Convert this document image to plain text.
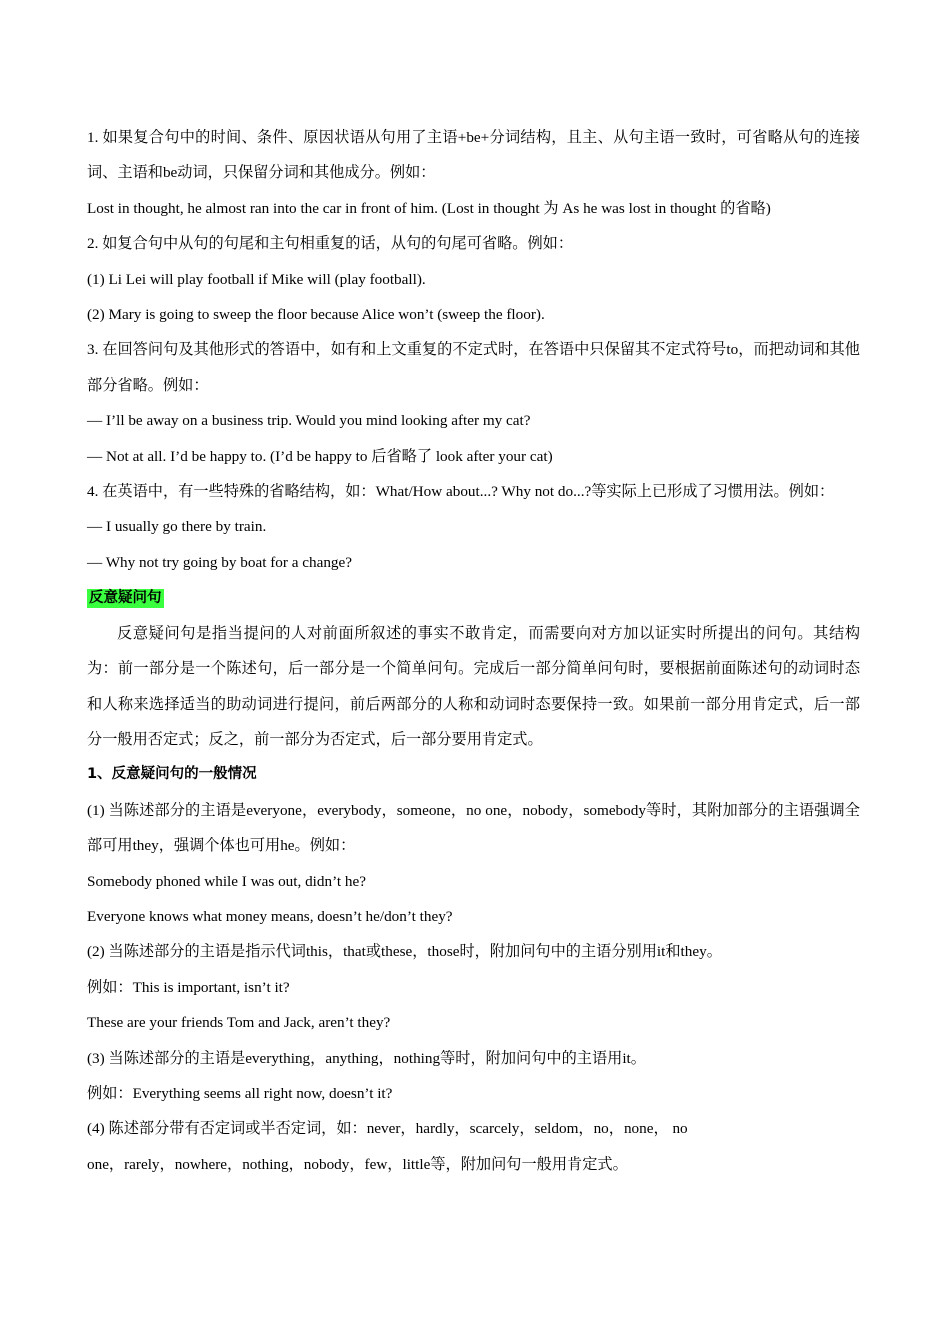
1. 如果复合句中的时间、条件、原因状语从句用了主语+be+分词结构，且主、从句主语一致时，可省略从句的连接词、主语和be动词，只保留分词和其他成分。例如：

Lost in thought, he almost ran into the car in front of him. (Lost in thought 为 As he was lost in thought 的省略)

2. 如复合句中从句的句尾和主句相重复的话，从句的句尾可省略。例如：

(1) Li Lei will play football if Mike will (play football).

(2) Mary is going to sweep the floor because Alice won’t (sweep the floor).

3. 在回答问句及其他形式的答语中，如有和上文重复的不定式时，在答语中只保留其不定式符号to，而把动词和其他部分省略。例如：

— I’ll be away on a business trip. Would you mind looking after my cat?

— Not at all. I’d be happy to. (I’d be happy to 后省略了 look after your cat)

4. 在英语中，有一些特殊的省略结构，如：What/How about...? Why not do...?等实际上已形成了习惯用法。例如：

— I usually go there by train.

— Why not try going by boat for a change?

反意疑问句

反意疑问句是指当提问的人对前面所叙述的事实不敢肯定，而需要向对方加以证实时所提出的问句。其结构为：前一部分是一个陈述句，后一部分是一个简单问句。完成后一部分简单问句时，要根据前面陈述句的动词时态和人称来选择适当的助动词进行提问，前后两部分的人称和动词时态要保持一致。如果前一部分用肯定式，后一部分一般用否定式；反之，前一部分为否定式，后一部分要用肯定式。

1、反意疑问句的一般情况

(1) 当陈述部分的主语是everyone，everybody，someone，no one，nobody，somebody等时，其附加部分的主语强调全部可用they，强调个体也可用he。例如：

Somebody phoned while I was out, didn’t he?

Everyone knows what money means, doesn’t he/don’t they?

(2) 当陈述部分的主语是指示代词this，that或these，those时，附加问句中的主语分别用it和they。

例如：This is important, isn’t it?

These are your friends Tom and Jack, aren’t they?

(3) 当陈述部分的主语是everything，anything，nothing等时，附加问句中的主语用it。

例如：Everything seems all right now, doesn’t it?

(4) 陈述部分带有否定词或半否定词，如：never，hardly，scarcely，seldom，no，none， no

one，rarely，nowhere，nothing，nobody，few，little等，附加问句一般用肯定式。
